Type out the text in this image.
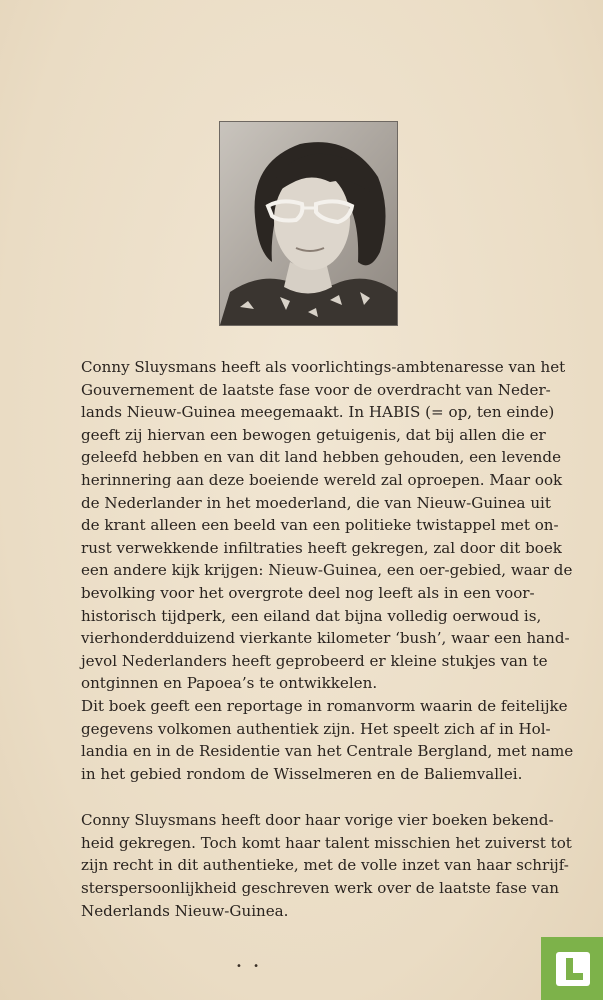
Conny Sluysmans heeft als voorlichtings-ambtenaresse van het
Gouvernement de laatste fase voor de overdracht van Neder-
lands Nieuw-Guinea meegemaakt. In HABIS (= op, ten einde)
geeft zij hiervan een bewogen getuigenis, dat bij allen die er
geleefd hebben en van dit land hebben gehouden, een levende
herinnering aan deze boeiende wereld zal oproepen. Maar ook
de Nederlander in het moederland, die van Nieuw-Guinea uit
de krant alleen een beeld van een politieke twistappel met on-
rust verwekkende infiltraties heeft gekregen, zal door dit boek
een andere kijk krijgen: Nieuw-Guinea, een oer-gebied, waar de
bevolking voor het overgrote deel nog leeft als in een voor-
historisch tijdperk, een eiland dat bijna volledig oerwoud is,
vierhonderdduizend vierkante kilometer ‘bush’, waar een hand-
jevol Nederlanders heeft geprobeerd er kleine stukjes van te
ontginnen en Papoea’s te ontwikkelen.
Dit boek geeft een reportage in romanvorm waarin de feitelijke
gegevens volkomen authentiek zijn. Het speelt zich af in Hol-
landia en in de Residentie van het Centrale Bergland, met name
in het gebied rondom de Wisselmeren en de Baliemvallei.
Conny Sluysmans heeft door haar vorige vier boeken bekend-
heid gekregen. Toch komt haar talent misschien het zuiverst tot
zijn recht in dit authentieke, met de volle inzet van haar schrijf-
sterspersoonlijkheid geschreven werk over de laatste fase van
Nederlands Nieuw-Guinea.
• •
